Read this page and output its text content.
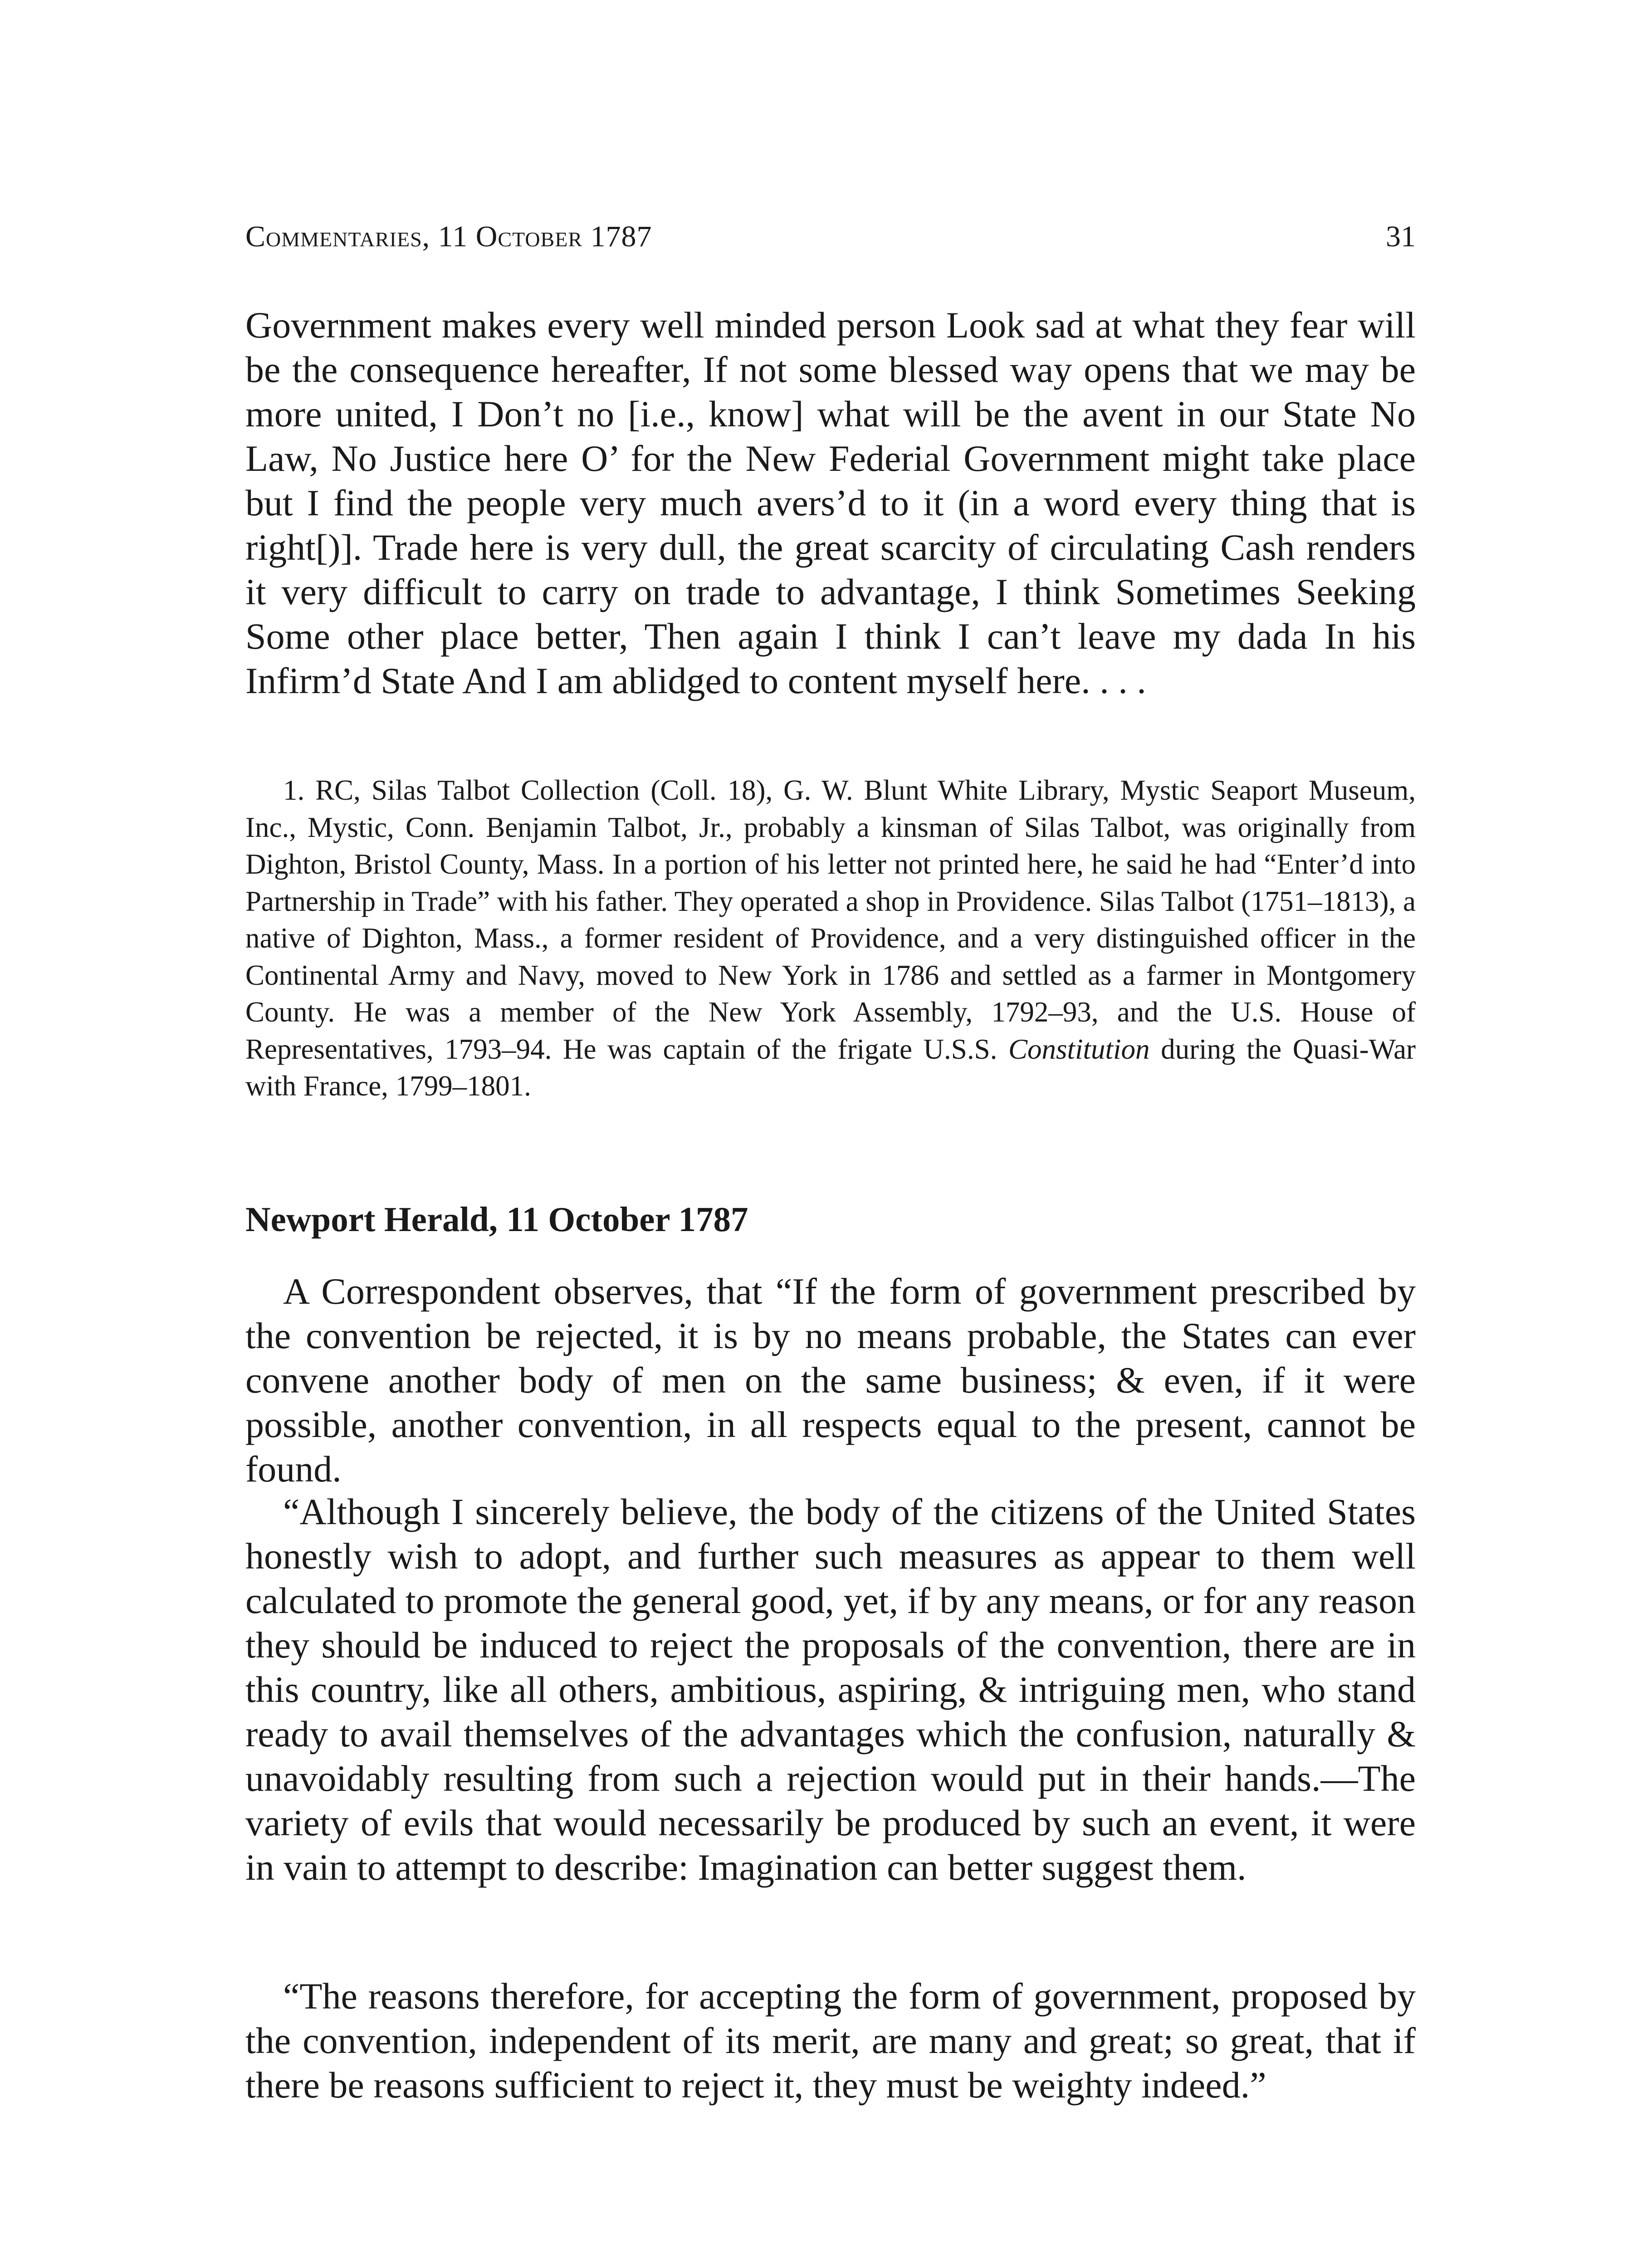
Commentaries, 11 October 1787	31

Government makes every well minded person Look sad at what they fear will be the consequence hereafter, If not some blessed way opens that we may be more united, I Don’t no [i.e., know] what will be the avent in our State No Law, No Justice here O’ for the New Federial Government might take place but I find the people very much avers’d to it (in a word every thing that is right[)]. Trade here is very dull, the great scarcity of circulating Cash renders it very difficult to carry on trade to advantage, I think Sometimes Seeking Some other place better, Then again I think I can’t leave my dada In his Infirm’d State And I am ablidged to content myself here. . . .

1. RC, Silas Talbot Collection (Coll. 18), G. W. Blunt White Library, Mystic Seaport Museum, Inc., Mystic, Conn. Benjamin Talbot, Jr., probably a kinsman of Silas Talbot, was originally from Dighton, Bristol County, Mass. In a portion of his letter not printed here, he said he had “Enter’d into Partnership in Trade” with his father. They operated a shop in Providence. Silas Talbot (1751–1813), a native of Dighton, Mass., a former resident of Providence, and a very distinguished officer in the Continental Army and Navy, moved to New York in 1786 and settled as a farmer in Montgomery County. He was a member of the New York Assembly, 1792–93, and the U.S. House of Representatives, 1793–94. He was captain of the frigate U.S.S. Constitution during the Quasi-War with France, 1799–1801.

Newport Herald, 11 October 1787

A Correspondent observes, that “If the form of government prescribed by the convention be rejected, it is by no means probable, the States can ever convene another body of men on the same business; & even, if it were possible, another convention, in all respects equal to the present, cannot be found.

“Although I sincerely believe, the body of the citizens of the United States honestly wish to adopt, and further such measures as appear to them well calculated to promote the general good, yet, if by any means, or for any reason they should be induced to reject the proposals of the convention, there are in this country, like all others, ambitious, aspiring, & intriguing men, who stand ready to avail themselves of the advantages which the confusion, naturally & unavoidably resulting from such a rejection would put in their hands.—The variety of evils that would necessarily be produced by such an event, it were in vain to attempt to describe: Imagination can better suggest them.

“The reasons therefore, for accepting the form of government, proposed by the convention, independent of its merit, are many and great; so great, that if there be reasons sufficient to reject it, they must be weighty indeed.”
